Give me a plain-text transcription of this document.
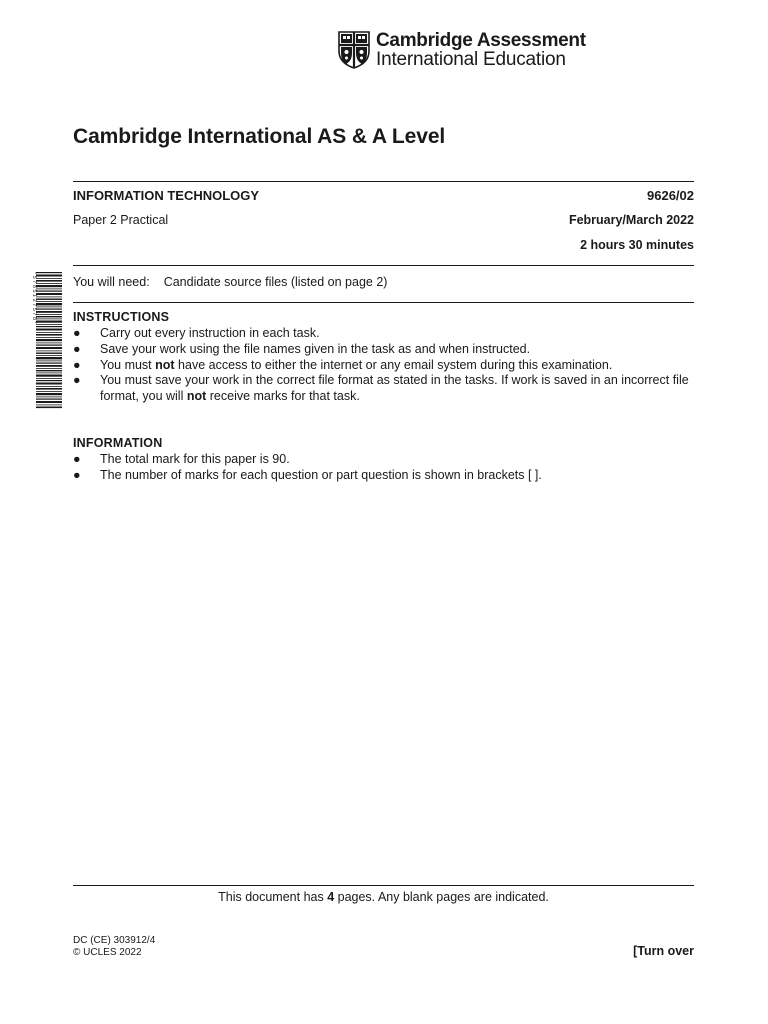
Cambridge Assessment
International Education
Cambridge International AS & A Level
INFORMATION TECHNOLOGY	9626/02
Paper 2 Practical	February/March 2022
2 hours 30 minutes
* 5 7 8 5 1 2 7 5 7 8 *	You will need: Candidate source files (listed on page 2)
INSTRUCTIONS
● Carry out every instruction in each task.
● Save your work using the file names given in the task as and when instructed.
● You must not have access to either the internet or any email system during this examination.
● You must save your work in the correct file format as stated in the tasks. If work is saved in an incorrect file format, you will not receive marks for that task.
INFORMATION
● The total mark for this paper is 90.
● The number of marks for each question or part question is shown in brackets [ ].
This document has 4 pages. Any blank pages are indicated.
DC (CE) 303912/4
© UCLES 2022	[Turn over
